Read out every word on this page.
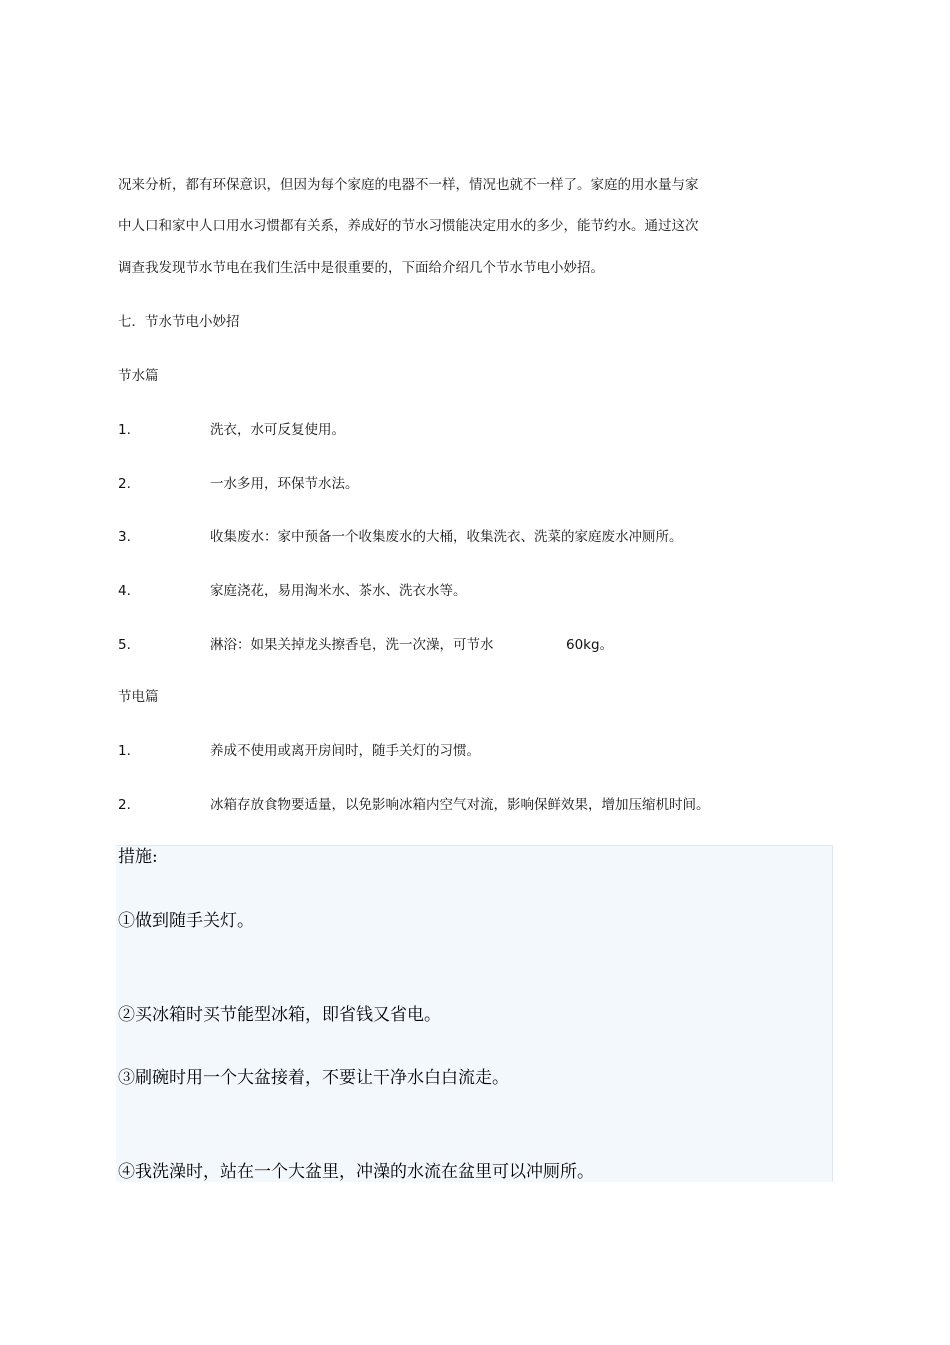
况来分析，都有环保意识，但因为每个家庭的电器不一样，情况也就不一样了。家庭的用水量与家
中人口和家中人口用水习惯都有关系，养成好的节水习惯能决定用水的多少，能节约水。通过这次
调查我发现节水节电在我们生活中是很重要的，下面给介绍几个节水节电小妙招。
七．节水节电小妙招
节水篇
1.	洗衣，水可反复使用。
2.	一水多用，环保节水法。
3.	收集废水：家中预备一个收集废水的大桶，收集洗衣、洗菜的家庭废水冲厕所。
4.	家庭浇花，易用淘米水、茶水、洗衣水等。
5.	淋浴：如果关掉龙头擦香皂，洗一次澡，可节水	60kg。
节电篇
1.	养成不使用或离开房间时，随手关灯的习惯。
2.	冰箱存放食物要适量，以免影响冰箱内空气对流，影响保鲜效果，增加压缩机时间。
措施:
①做到随手关灯。
②买冰箱时买节能型冰箱，即省钱又省电。
③刷碗时用一个大盆接着，不要让干净水白白流走。
④我洗澡时，站在一个大盆里，冲澡的水流在盆里可以冲厕所。
